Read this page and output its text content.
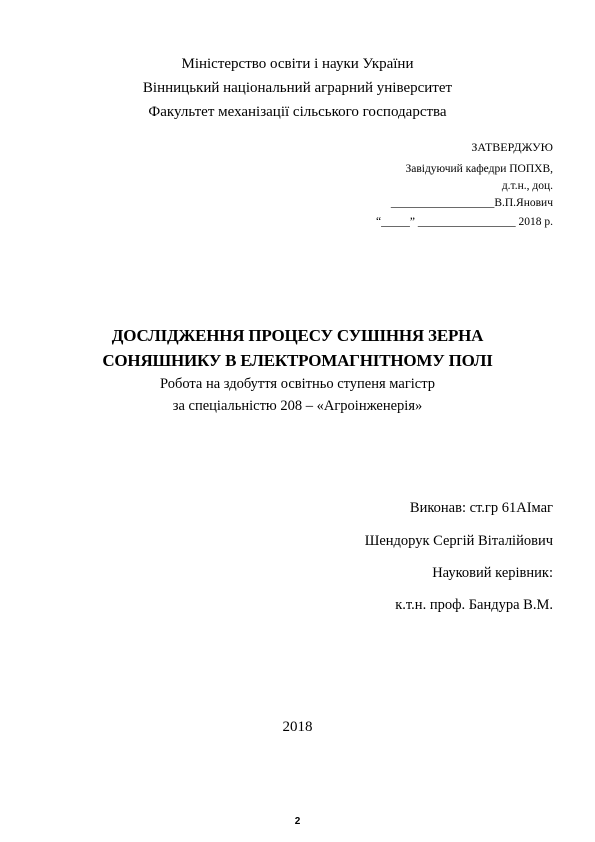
Міністерство освіти і науки України
Вінницький національний аграрний університет
Факультет механізації сільського господарства
ЗАТВЕРДЖУЮ
Завідуючий кафедри ПОПХВ,
д.т.н., доц.
__________________В.П.Янович
“_____” _________________ 2018 р.
ДОСЛІДЖЕННЯ ПРОЦЕСУ СУШІННЯ ЗЕРНА
СОНЯШНИКУ В ЕЛЕКТРОМАГНІТНОМУ ПОЛІ
Робота на здобуття освітньо ступеня магістр
за спеціальністю 208 – «Агроінженерія»
Виконав: ст.гр 61АІмаг
Шендорук Сергій Віталійович
Науковий керівник:
к.т.н. проф. Бандура В.М.
2018
2
